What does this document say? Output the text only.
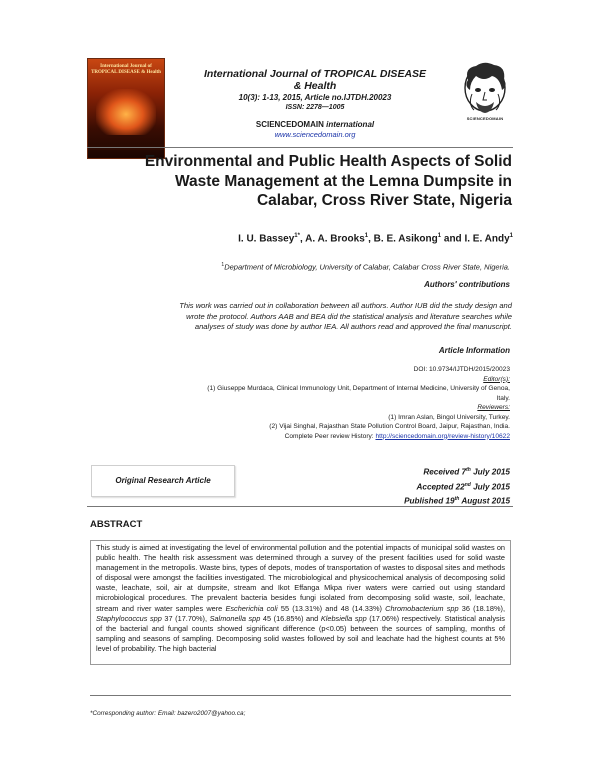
International Journal of TROPICAL DISEASE & Health	International Journal of TROPICAL DISEASE
& Health
10(3): 1-13, 2015, Article no.IJTDH.20023
ISSN: 2278—1005
SCIENCEDOMAIN international
www.sciencedomain.org
SCIENCEDOMAIN
Environmental and Public Health Aspects of Solid
Waste Management at the Lemna Dumpsite in
Calabar, Cross River State, Nigeria
I. U. Bassey$^{1*}$, A. A. Brooks$^1$, B. E. Asikong$^1$ and I. E. Andy$^1$
$^1$Department of Microbiology, University of Calabar, Calabar Cross River State, Nigeria.
Authors' contributions
This work was carried out in collaboration between all authors. Author IUB did the study design and
wrote the protocol. Authors AAB and BEA did the statistical analysis and literature searches while
analyses of study was done by author IEA. All authors read and approved the final manuscript.
Article Information
DOI: 10.9734/IJTDH/2015/20023
Editor(s):
(1) Giuseppe Murdaca, Clinical Immunology Unit, Department of Internal Medicine, University of Genoa,
Italy.
Reviewers:
(1) Imran Aslan, Bingol University, Turkey.
(2) Vijai Singhal, Rajasthan State Pollution Control Board, Jaipur, Rajasthan, India.
Complete Peer review History: http://sciencedomain.org/review-history/10622
Original Research Article
Received 7th July 2015
Accepted 22nd July 2015
Published 19th August 2015
ABSTRACT
This study is aimed at investigating the level of environmental pollution and the potential impacts of municipal solid wastes on public health. The health risk assessment was determined through a survey of the present facilities used for solid waste management in the metropolis. Waste bins, types of depots, modes of transportation of wastes to disposal sites and methods of disposal were amongst the facilities investigated. The microbiological and physicochemical analysis of decomposing solid waste, leachate, soil, air at dumpsite, stream and Ikot Effanga Mkpa river waters were carried out using standard microbiological procedures. The prevalent bacteria besides fungi isolated from decomposing solid waste, soil, leachate, stream and river water samples were Escherichia coli 55 (13.31%) and 48 (14.33%) Chromobacterium spp 36 (18.18%), Staphylococcus spp 37 (17.70%), Salmonella spp 45 (16.85%) and Klebsiella spp (17.06%) respectively. Statistical analysis of the bacterial and fungal counts showed significant difference (p<0.05) between the sources of sampling, months of sampling and seasons of sampling. Decomposing solid wastes followed by soil and leachate had the highest counts at 5% level of probability. The high bacterial
*Corresponding author: Email: bazero2007@yahoo.ca;
